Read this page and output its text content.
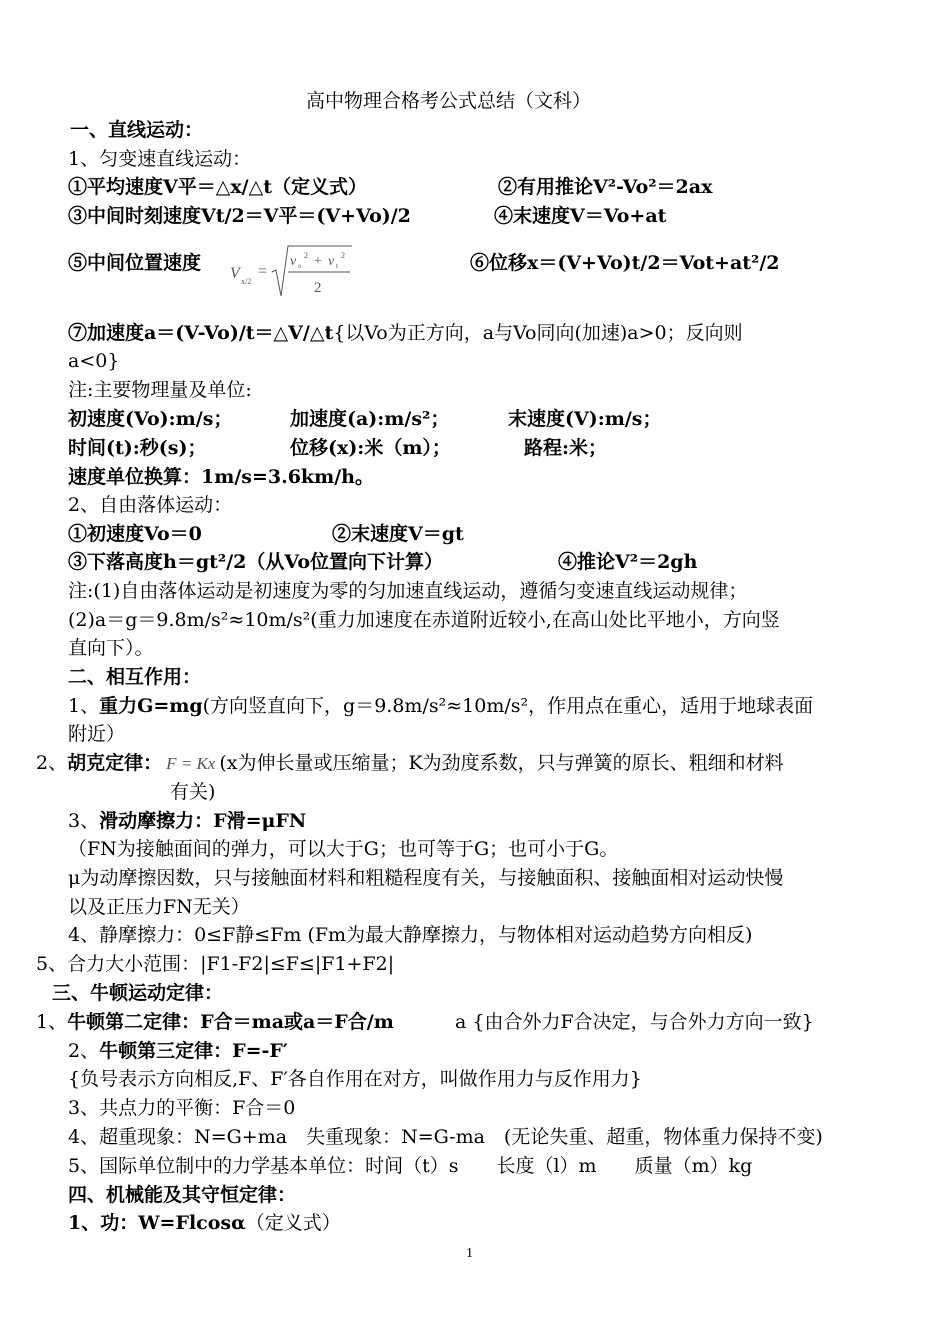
高中物理合格考公式总结（文科）
一、直线运动：
1、匀变速直线运动：
①平均速度V平＝△x/△t（定义式）	②有用推论V²-Vo²＝2ax
③中间时刻速度Vt/2＝V平＝(V+Vo)/2	④末速度V＝Vo+at
⑤中间位置速度 V x/2
=
v o
2 + v t
2
2
⑥位移x＝(V+Vo)t/2＝Vot+at²/2
⑦加速度a＝(V-Vo)/t＝△V/△t{以Vo为正方向，a与Vo同向(加速)a>0；反向则
a<0}
注:主要物理量及单位:
初速度(Vo):m/s；	加速度(a):m/s²；	末速度(V):m/s；
时间(t):秒(s)；	位移(x):米（m）；	路程:米；
速度单位换算：1m/s=3.6km/h。
2、自由落体运动：
①初速度Vo＝0	②末速度V＝gt
③下落高度h＝gt²/2（从Vo位置向下计算）	④推论V²＝2gh
注:(1)自由落体运动是初速度为零的匀加速直线运动，遵循匀变速直线运动规律；
(2)a＝g＝9.8m/s²≈10m/s²(重力加速度在赤道附近较小,在高山处比平地小，方向竖
直向下）。
二、相互作用：
1、重力G=mg(方向竖直向下，g＝9.8m/s²≈10m/s²，作用点在重心，适用于地球表面
附近）
2、胡克定律： F = Kx (x为伸长量或压缩量；K为劲度系数，只与弹簧的原长、粗细和材料
有关)
3、滑动摩擦力：F滑=μFN
（FN为接触面间的弹力，可以大于G；也可等于G；也可小于G。
μ为动摩擦因数，只与接触面材料和粗糙程度有关，与接触面积、接触面相对运动快慢
以及正压力FN无关）
4、静摩擦力：0≤F静≤Fm (Fm为最大静摩擦力，与物体相对运动趋势方向相反)
5、合力大小范围：|F1-F2|≤F≤|F1+F2|
三、牛顿运动定律：
1、牛顿第二定律：F合＝ma或a＝F合/m	a {由合外力F合决定，与合外力方向一致}
2、牛顿第三定律：F=-F′
{负号表示方向相反,F、F′各自作用在对方，叫做作用力与反作用力}
3、共点力的平衡：F合＝0
4、超重现象：N=G+ma　失重现象：N=G-ma　(无论失重、超重，物体重力保持不变)
5、国际单位制中的力学基本单位：时间（t）s　　长度（l）m　　质量（m）kg
四、机械能及其守恒定律：
1、功：W=Flcosα（定义式）
1
